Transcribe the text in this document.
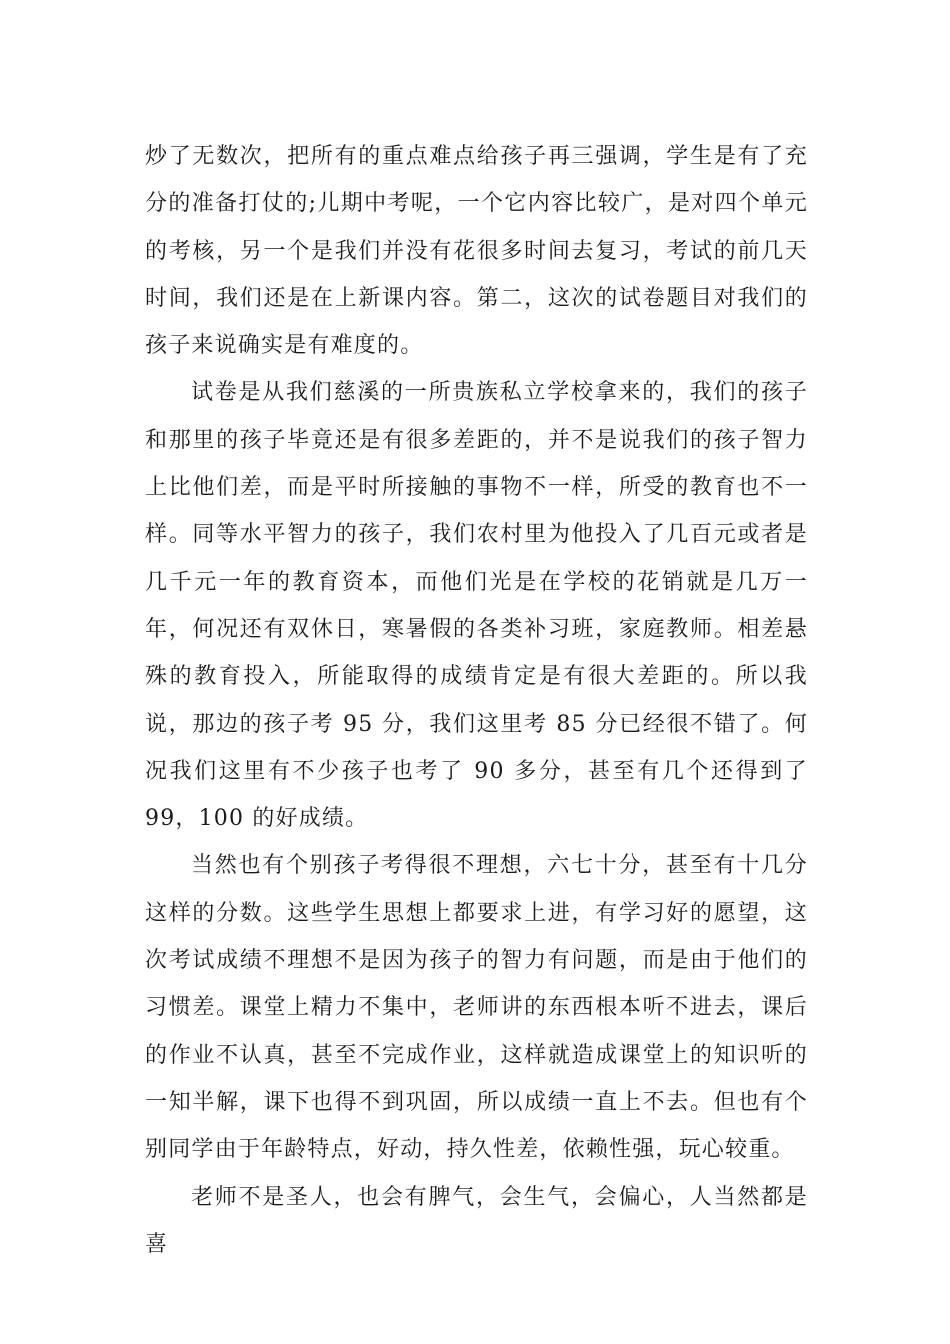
炒了无数次，把所有的重点难点给孩子再三强调，学生是有了充分的准备打仗的;儿期中考呢，一个它内容比较广，是对四个单元的考核，另一个是我们并没有花很多时间去复习，考试的前几天时间，我们还是在上新课内容。第二，这次的试卷题目对我们的孩子来说确实是有难度的。

试卷是从我们慈溪的一所贵族私立学校拿来的，我们的孩子和那里的孩子毕竟还是有很多差距的，并不是说我们的孩子智力上比他们差，而是平时所接触的事物不一样，所受的教育也不一样。同等水平智力的孩子，我们农村里为他投入了几百元或者是几千元一年的教育资本，而他们光是在学校的花销就是几万一年，何况还有双休日，寒暑假的各类补习班，家庭教师。相差悬殊的教育投入，所能取得的成绩肯定是有很大差距的。所以我说，那边的孩子考 95 分，我们这里考 85 分已经很不错了。何况我们这里有不少孩子也考了 90 多分，甚至有几个还得到了 99，100 的好成绩。

当然也有个别孩子考得很不理想，六七十分，甚至有十几分这样的分数。这些学生思想上都要求上进，有学习好的愿望，这次考试成绩不理想不是因为孩子的智力有问题，而是由于他们的习惯差。课堂上精力不集中，老师讲的东西根本听不进去，课后的作业不认真，甚至不完成作业，这样就造成课堂上的知识听的一知半解，课下也得不到巩固，所以成绩一直上不去。但也有个别同学由于年龄特点，好动，持久性差，依赖性强，玩心较重。

老师不是圣人，也会有脾气，会生气，会偏心，人当然都是喜
